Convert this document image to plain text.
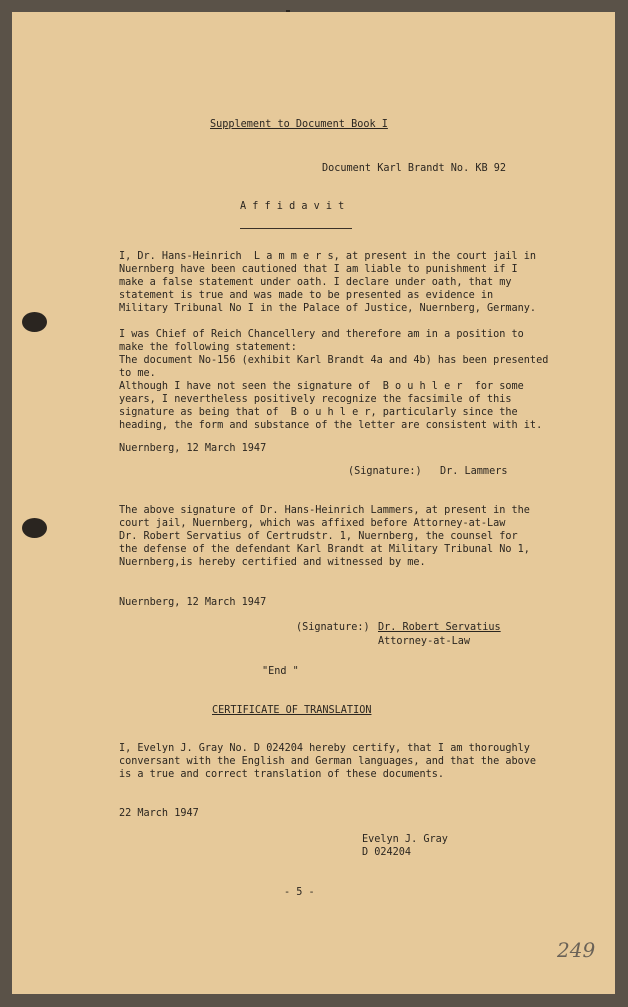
Supplement to Document Book I
Document Karl Brandt No. KB 92
A f f i d a v i t
I, Dr. Hans-Heinrich  L a m m e r s, at present in the court jail in
Nuernberg have been cautioned that I am liable to punishment if I
make a false statement under oath. I declare under oath, that my
statement is true and was made to be presented as evidence in
Military Tribunal No I in the Palace of Justice, Nuernberg, Germany.
I was Chief of Reich Chancellery and therefore am in a position to
make the following statement:
The document No-156 (exhibit Karl Brandt 4a and 4b) has been presented
to me.
Although I have not seen the signature of  B o u h l e r  for some
years, I nevertheless positively recognize the facsimile of this
signature as being that of  B o u h l e r, particularly since the
heading, the form and substance of the letter are consistent with it.
Nuernberg, 12 March 1947
(Signature:)   Dr. Lammers
The above signature of Dr. Hans-Heinrich Lammers, at present in the
court jail, Nuernberg, which was affixed before Attorney-at-Law
Dr. Robert Servatius of Certrudstr. 1, Nuernberg, the counsel for
the defense of the defendant Karl Brandt at Military Tribunal No 1,
Nuernberg,is hereby certified and witnessed by me.
Nuernberg, 12 March 1947
(Signature:) Dr. Robert Servatius
Attorney-at-Law
"End "
CERTIFICATE OF TRANSLATION
I, Evelyn J. Gray No. D 024204 hereby certify, that I am thoroughly
conversant with the English and German languages, and that the above
is a true and correct translation of these documents.
22 March 1947
Evelyn J. Gray
D 024204
- 5 -
249
